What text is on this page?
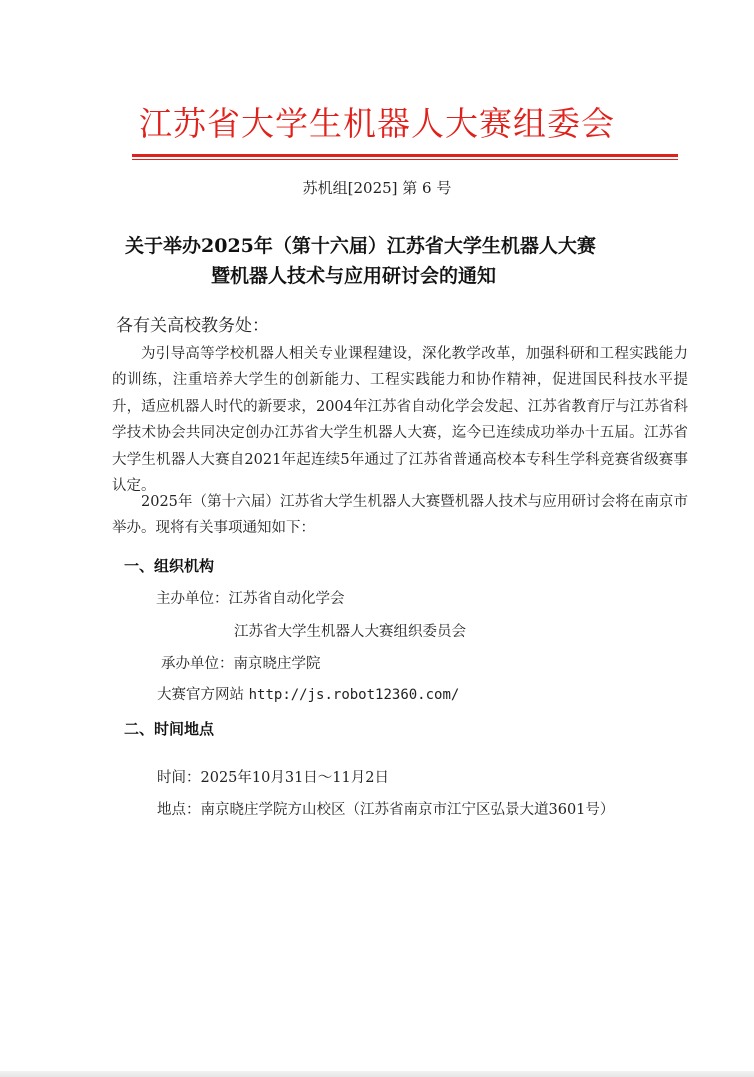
江苏省大学生机器人大赛组委会
苏机组[2025] 第 6 号
关于举办2025年（第十六届）江苏省大学生机器人大赛
暨机器人技术与应用研讨会的通知
各有关高校教务处：
为引导高等学校机器人相关专业课程建设，深化教学改革，加强科研和工程实践能力的训练，注重培养大学生的创新能力、工程实践能力和协作精神，促进国民科技水平提升，适应机器人时代的新要求，2004年江苏省自动化学会发起、江苏省教育厅与江苏省科学技术协会共同决定创办江苏省大学生机器人大赛，迄今已连续成功举办十五届。江苏省大学生机器人大赛自2021年起连续5年通过了江苏省普通高校本专科生学科竞赛省级赛事认定。
2025年（第十六届）江苏省大学生机器人大赛暨机器人技术与应用研讨会将在南京市举办。现将有关事项通知如下：
一、组织机构
主办单位：江苏省自动化学会
江苏省大学生机器人大赛组织委员会
承办单位：南京晓庄学院
大赛官方网站 http://js.robot12360.com/
二、时间地点
时间：2025年10月31日～11月2日
地点：南京晓庄学院方山校区（江苏省南京市江宁区弘景大道3601号）
